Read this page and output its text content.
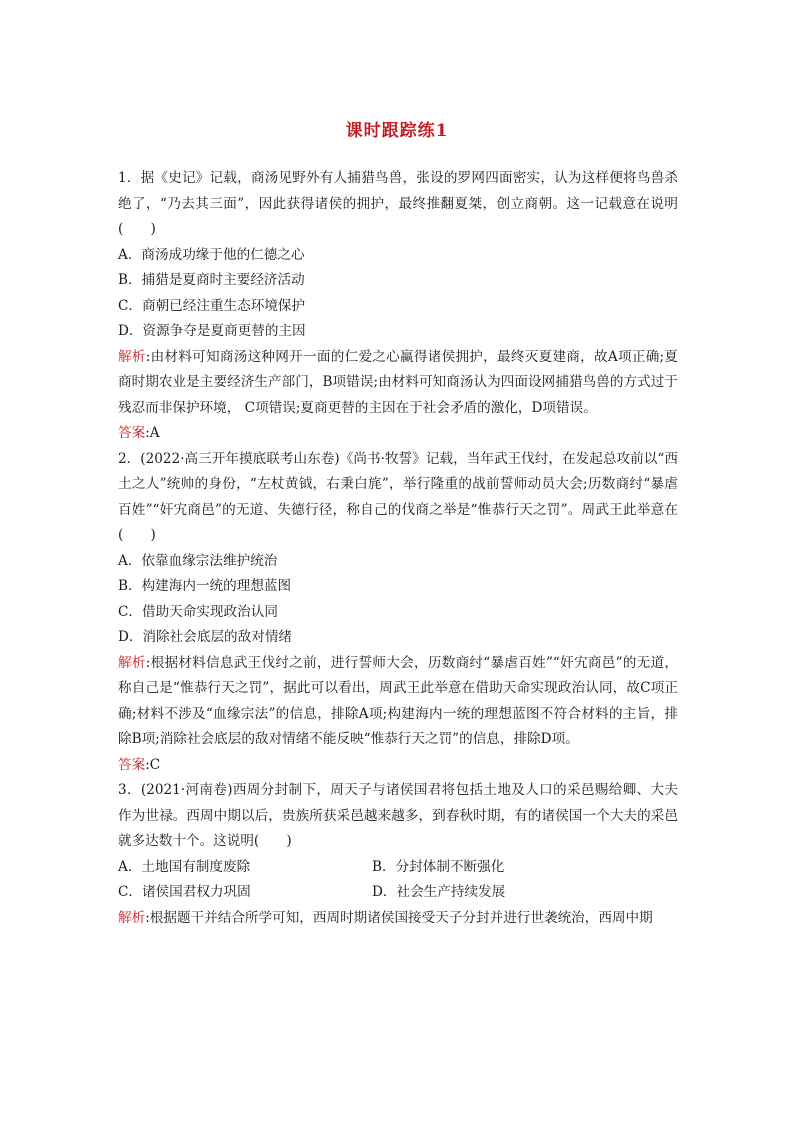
课时跟踪练1

1．据《史记》记载，商汤见野外有人捕猎鸟兽，张设的罗网四面密实，认为这样便将鸟兽杀绝了，“乃去其三面”，因此获得诸侯的拥护，最终推翻夏桀，创立商朝。这一记载意在说明(　　)

A．商汤成功缘于他的仁德之心

B．捕猎是夏商时主要经济活动

C．商朝已经注重生态环境保护

D．资源争夺是夏商更替的主因

解析:由材料可知商汤这种网开一面的仁爱之心赢得诸侯拥护，最终灭夏建商，故A项正确;夏商时期农业是主要经济生产部门，B项错误;由材料可知商汤认为四面设网捕猎鸟兽的方式过于残忍而非保护环境， C项错误;夏商更替的主因在于社会矛盾的激化，D项错误。

答案:A

2．(2022·高三开年摸底联考山东卷)《尚书·牧誓》记载，当年武王伐纣，在发起总攻前以“西土之人”统帅的身份，“左杖黄钺，右秉白旄”，举行隆重的战前誓师动员大会;历数商纣“暴虐百姓”“奸宄商邑”的无道、失德行径，称自己的伐商之举是“惟恭行天之罚”。周武王此举意在(　　)

A．依靠血缘宗法维护统治

B．构建海内一统的理想蓝图

C．借助天命实现政治认同

D．消除社会底层的敌对情绪

解析:根据材料信息武王伐纣之前，进行誓师大会，历数商纣“暴虐百姓”“奸宄商邑”的无道，称自己是“惟恭行天之罚”，据此可以看出，周武王此举意在借助天命实现政治认同，故C项正确;材料不涉及“血缘宗法”的信息，排除A项;构建海内一统的理想蓝图不符合材料的主旨，排除B项;消除社会底层的敌对情绪不能反映“惟恭行天之罚”的信息，排除D项。

答案:C

3．(2021·河南卷)西周分封制下，周天子与诸侯国君将包括土地及人口的采邑赐给卿、大夫作为世禄。西周中期以后，贵族所获采邑越来越多，到春秋时期，有的诸侯国一个大夫的采邑就多达数十个。这说明(　　)

A．土地国有制度废除	B．分封体制不断强化
C．诸侯国君权力巩固	D．社会生产持续发展

解析:根据题干并结合所学可知，西周时期诸侯国接受天子分封并进行世袭统治，西周中期
